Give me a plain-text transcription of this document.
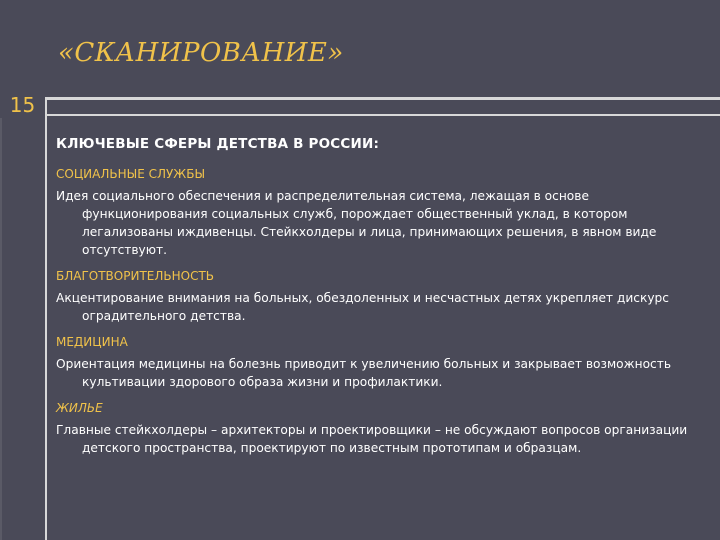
«СКАНИРОВАНИЕ»
15
КЛЮЧЕВЫЕ СФЕРЫ ДЕТСТВА В РОССИИ:
СОЦИАЛЬНЫЕ СЛУЖБЫ
Идея социального обеспечения и распределительная система, лежащая в основе функционирования социальных служб, порождает общественный уклад, в котором легализованы иждивенцы. Стейкхолдеры и лица, принимающих решения, в явном виде отсутствуют.
БЛАГОТВОРИТЕЛЬНОСТЬ
Акцентирование внимания на больных, обездоленных и несчастных детях укрепляет дискурс оградительного детства.
МЕДИЦИНА
Ориентация медицины на болезнь приводит к увеличению больных и закрывает возможность культивации здорового образа жизни и профилактики.
ЖИЛЬЕ
Главные стейкхолдеры – архитекторы и проектировщики – не обсуждают вопросов организации детского пространства, проектируют по известным прототипам и образцам.
